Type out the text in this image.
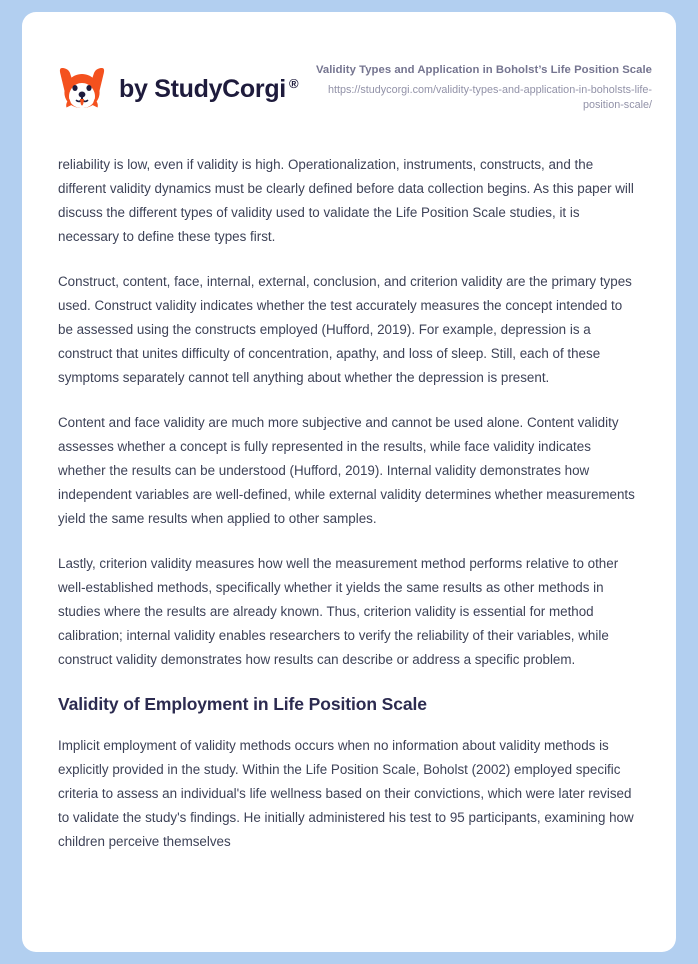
by StudyCorgi ®
Validity Types and Application in Boholst’s Life Position Scale
https://studycorgi.com/validity-types-and-application-in-boholsts-life-position-scale/

reliability is low, even if validity is high. Operationalization, instruments, constructs, and the different validity dynamics must be clearly defined before data collection begins. As this paper will discuss the different types of validity used to validate the Life Position Scale studies, it is necessary to define these types first.

Construct, content, face, internal, external, conclusion, and criterion validity are the primary types used. Construct validity indicates whether the test accurately measures the concept intended to be assessed using the constructs employed (Hufford, 2019). For example, depression is a construct that unites difficulty of concentration, apathy, and loss of sleep. Still, each of these symptoms separately cannot tell anything about whether the depression is present.

Content and face validity are much more subjective and cannot be used alone. Content validity assesses whether a concept is fully represented in the results, while face validity indicates whether the results can be understood (Hufford, 2019). Internal validity demonstrates how independent variables are well-defined, while external validity determines whether measurements yield the same results when applied to other samples.

Lastly, criterion validity measures how well the measurement method performs relative to other well-established methods, specifically whether it yields the same results as other methods in studies where the results are already known. Thus, criterion validity is essential for method calibration; internal validity enables researchers to verify the reliability of their variables, while construct validity demonstrates how results can describe or address a specific problem.

Validity of Employment in Life Position Scale

Implicit employment of validity methods occurs when no information about validity methods is explicitly provided in the study. Within the Life Position Scale, Boholst (2002) employed specific criteria to assess an individual's life wellness based on their convictions, which were later revised to validate the study's findings. He initially administered his test to 95 participants, examining how children perceive themselves
